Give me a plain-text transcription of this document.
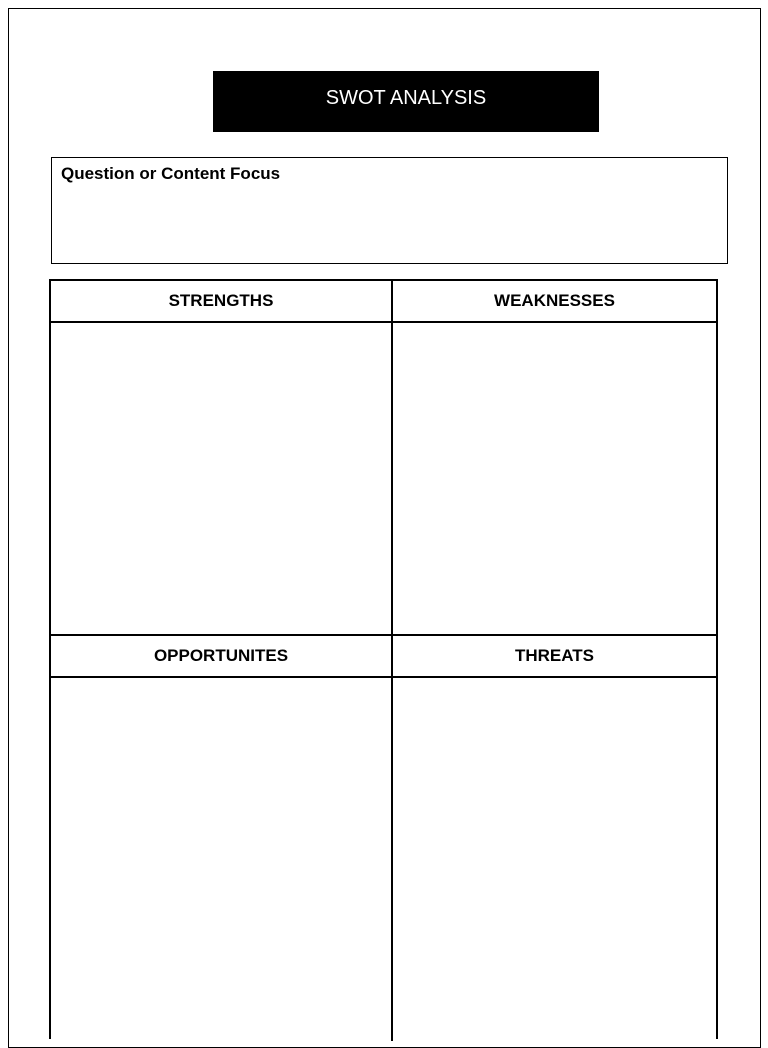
SWOT ANALYSIS
Question or Content Focus
STRENGTHS	WEAKNESSES
OPPORTUNITES	THREATS
